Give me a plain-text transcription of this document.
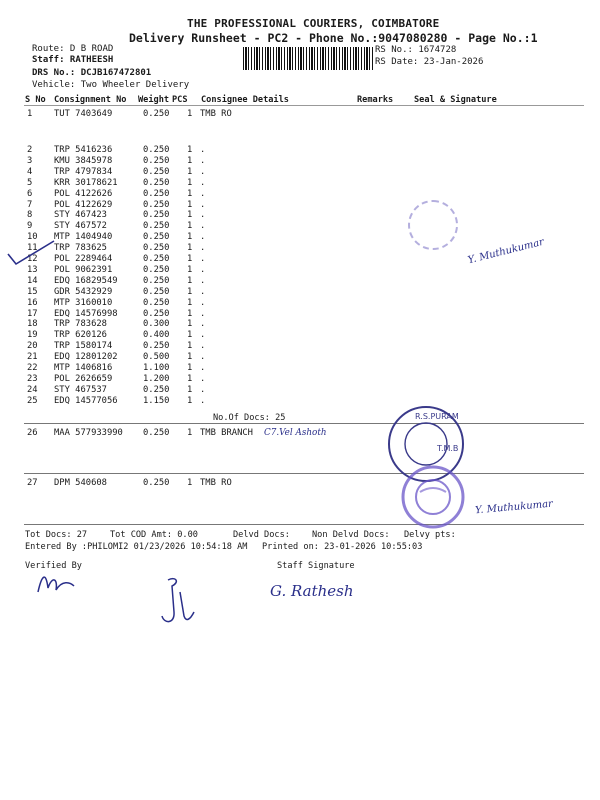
THE PROFESSIONAL COURIERS, COIMBATORE
Delivery Runsheet - PC2 - Phone No.:9047080280 - Page No.:1
Route: D B ROAD
Staff: RATHEESH
DRS No.: DCJB167472801
Vehicle: Two Wheeler Delivery
RS No.: 1674728
RS Date: 23-Jan-2026
S No Consignment No Weight PCS Consignee Details	Remarks Seal & Signature
1 TUT 7403649	0.250 1 TMB RO
2 TRP 5416236	0.250 1 .
3 KMU 3845978	0.250 1 .
4 TRP 4797834	0.250 1 .
5 KRR 30178621	0.250 1 .
6 POL 4122626	0.250 1 .
7 POL 4122629	0.250 1 .
8 STY 467423	0.250 1 .
9 STY 467572	0.250 1 .
10 MTP 1404940	0.250 1 .
11 TRP 783625	0.250 1 .
12 POL 2289464	0.250 1 .
13 POL 9062391	0.250 1 .
14 EDQ 16829549	0.250 1 .
15 GDR 5432929	0.250 1 .
16 MTP 3160010	0.250 1 .
17 EDQ 14576998	0.250 1 .
18 TRP 783628	0.300 1 .
19 TRP 620126	0.400 1 .
20 TRP 1580174	0.250 1 .
21 EDQ 12801202	0.500 1 .
22 MTP 1406816	1.100 1 .
23 POL 2626659	1.200 1 .
24 STY 467537	0.250 1 .
25 EDQ 14577056	1.150 1 .
26 MAA 577933990 0.250 1 TMB BRANCH C7.Vel Ashoth
27 DPM 540608	0.250 1 TMB RO
No.Of Docs: 25
Tot Docs: 27	Tot COD Amt: 0.00	Delvd Docs:	Non Delvd Docs: Delvy pts:
Entered By :PHILOMI2 01/23/2026 10:54:18 AM Printed on: 23-01-2026 10:55:03
Verified By	Staff Signature
R.S.PURAM
T.M.B
Y. Muthukumar
Y. Muthukumar
G. Rathesh
